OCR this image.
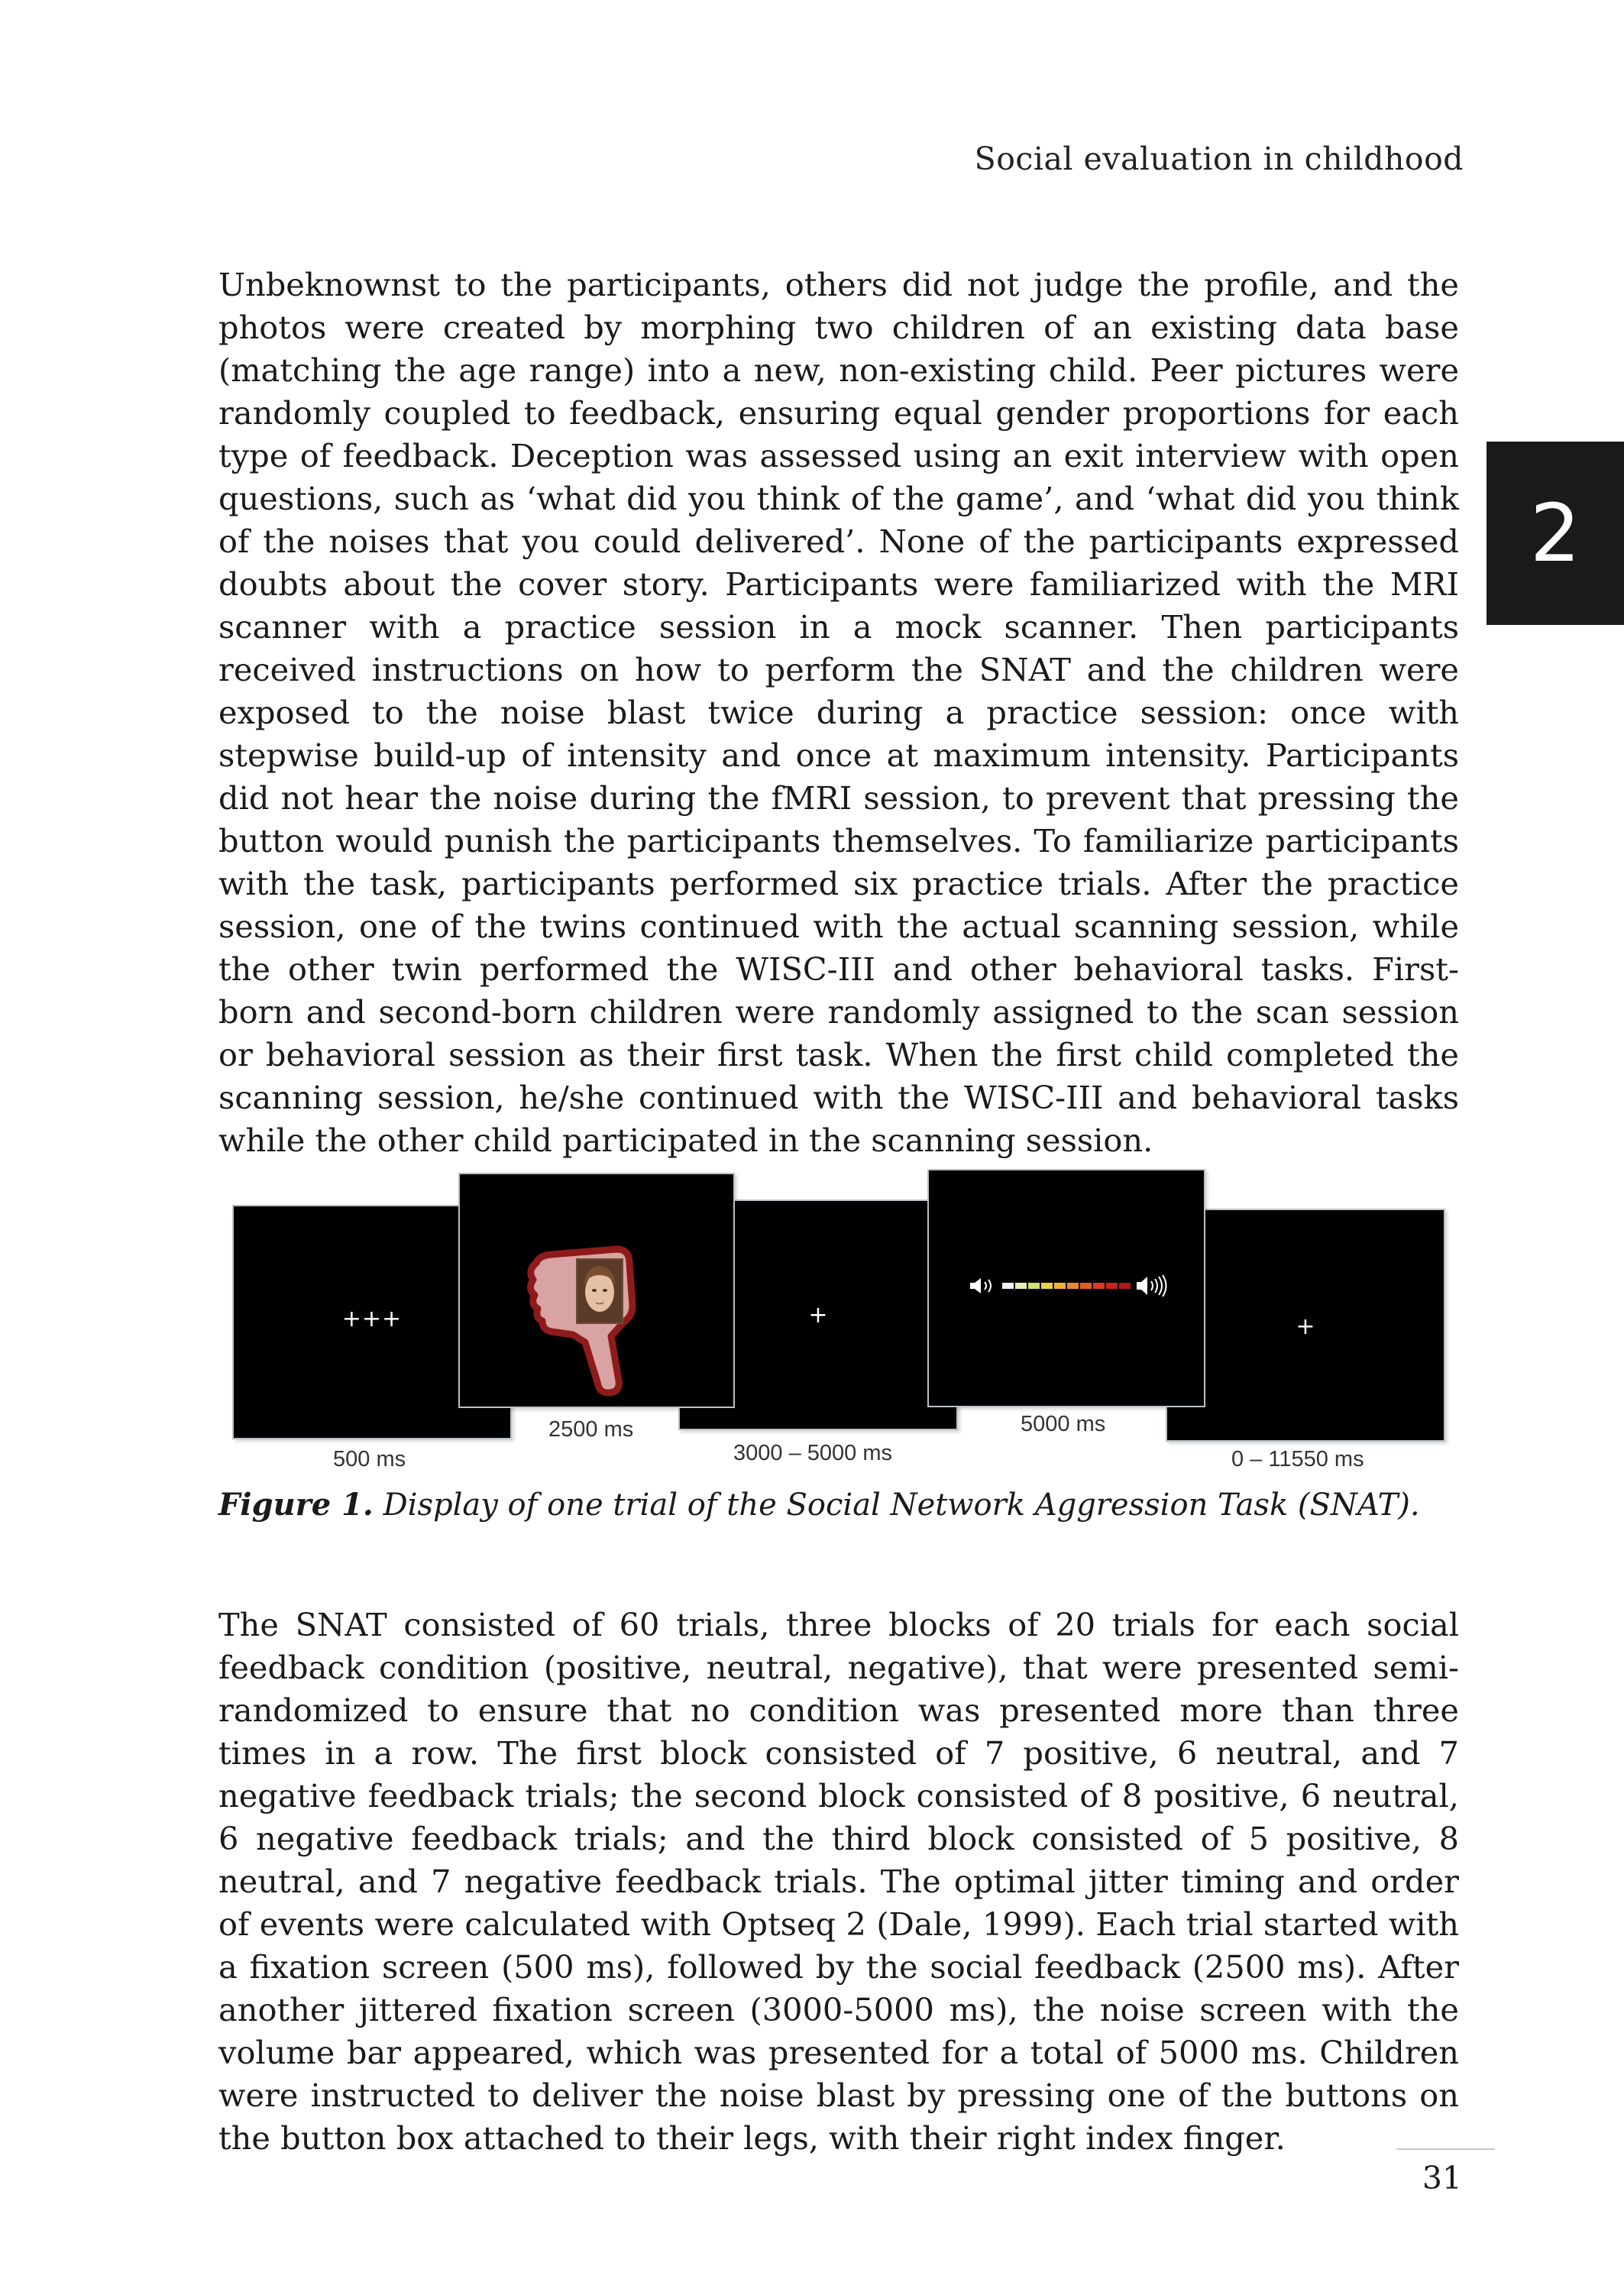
Social evaluation in childhood
2

Unbeknownst to the participants, others did not judge the profile, and the photos were created by morphing two children of an existing data base (matching the age range) into a new, non-existing child. Peer pictures were randomly coupled to feedback, ensuring equal gender proportions for each type of feedback. Deception was assessed using an exit interview with open questions, such as ‘what did you think of the game’, and ‘what did you think of the noises that you could delivered’. None of the participants expressed doubts about the cover story. Participants were familiarized with the MRI scanner with a practice session in a mock scanner. Then participants received instructions on how to perform the SNAT and the children were exposed to the noise blast twice during a practice session: once with stepwise build-up of intensity and once at maximum intensity. Participants did not hear the noise during the fMRI session, to prevent that pressing the button would punish the participants themselves. To familiarize participants with the task, participants performed six practice trials. After the practice session, one of the twins continued with the actual scanning session, while the other twin performed the WISC-III and other behavioral tasks. First-born and second-born children were randomly assigned to the scan session or behavioral session as their first task. When the first child completed the scanning session, he/she continued with the WISC-III and behavioral tasks while the other child participated in the scanning session.

+++	+	+
500 ms
2500 ms
3000 – 5000 ms
5000 ms
0 – 11550 ms
Figure 1. Display of one trial of the Social Network Aggression Task (SNAT).

The SNAT consisted of 60 trials, three blocks of 20 trials for each social feedback condition (positive, neutral, negative), that were presented semi-randomized to ensure that no condition was presented more than three times in a row. The first block consisted of 7 positive, 6 neutral, and 7 negative feedback trials; the second block consisted of 8 positive, 6 neutral, 6 negative feedback trials; and the third block consisted of 5 positive, 8 neutral, and 7 negative feedback trials. The optimal jitter timing and order of events were calculated with Optseq 2 (Dale, 1999). Each trial started with a fixation screen (500 ms), followed by the social feedback (2500 ms). After another jittered fixation screen (3000-5000 ms), the noise screen with the volume bar appeared, which was presented for a total of 5000 ms. Children were instructed to deliver the noise blast by pressing one of the buttons on the button box attached to their legs, with their right index finger.

31
